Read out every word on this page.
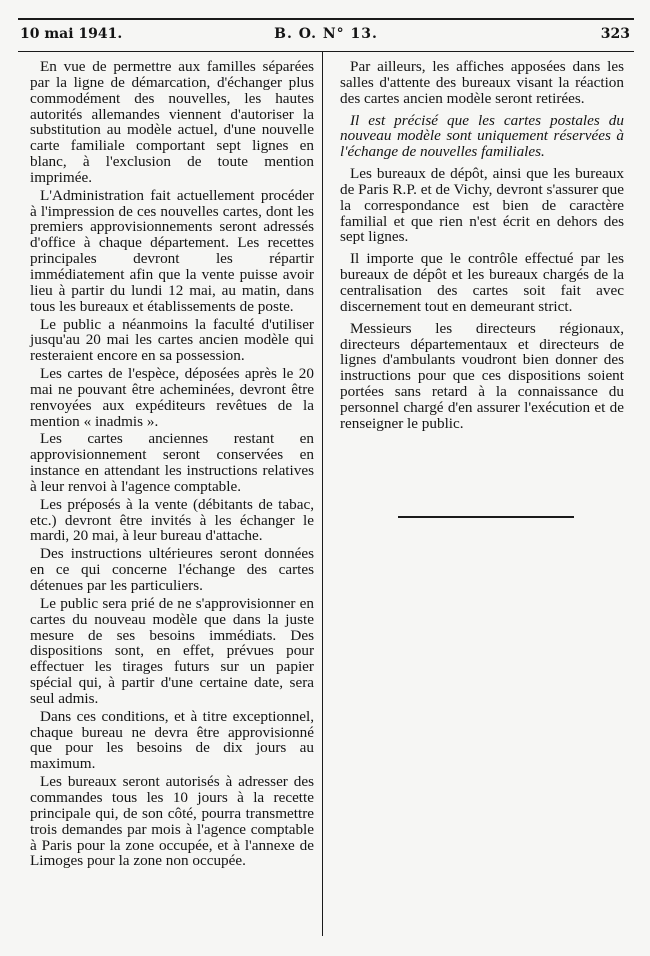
10 mai 1941.	B. O. N° 13.	323

En vue de permettre aux familles séparées par la ligne de démarcation, d'échanger plus commodément des nouvelles, les hautes autorités allemandes viennent d'autoriser la substitution au modèle actuel, d'une nouvelle carte familiale comportant sept lignes en blanc, à l'exclusion de toute mention imprimée.

L'Administration fait actuellement procéder à l'impression de ces nouvelles cartes, dont les premiers approvisionnements seront adressés d'office à chaque département. Les recettes principales devront les répartir immédiatement afin que la vente puisse avoir lieu à partir du lundi 12 mai, au matin, dans tous les bureaux et établissements de poste.

Le public a néanmoins la faculté d'utiliser jusqu'au 20 mai les cartes ancien modèle qui resteraient encore en sa possession.

Les cartes de l'espèce, déposées après le 20 mai ne pouvant être acheminées, devront être renvoyées aux expéditeurs revêtues de la mention « inadmis ».

Les cartes anciennes restant en approvisionnement seront conservées en instance en attendant les instructions relatives à leur renvoi à l'agence comptable.

Les préposés à la vente (débitants de tabac, etc.) devront être invités à les échanger le mardi, 20 mai, à leur bureau d'attache.

Des instructions ultérieures seront données en ce qui concerne l'échange des cartes détenues par les particuliers.

Le public sera prié de ne s'approvisionner en cartes du nouveau modèle que dans la juste mesure de ses besoins immédiats. Des dispositions sont, en effet, prévues pour effectuer les tirages futurs sur un papier spécial qui, à partir d'une certaine date, sera seul admis.

Dans ces conditions, et à titre exceptionnel, chaque bureau ne devra être approvisionné que pour les besoins de dix jours au maximum.

Les bureaux seront autorisés à adresser des commandes tous les 10 jours à la recette principale qui, de son côté, pourra transmettre trois demandes par mois à l'agence comptable à Paris pour la zone occupée, et à l'annexe de Limoges pour la zone non occupée.

Par ailleurs, les affiches apposées dans les salles d'attente des bureaux visant la réaction des cartes ancien modèle seront retirées.

Il est précisé que les cartes postales du nouveau modèle sont uniquement réservées à l'échange de nouvelles familiales.

Les bureaux de dépôt, ainsi que les bureaux de Paris R.P. et de Vichy, devront s'assurer que la correspondance est bien de caractère familial et que rien n'est écrit en dehors des sept lignes.

Il importe que le contrôle effectué par les bureaux de dépôt et les bureaux chargés de la centralisation des cartes soit fait avec discernement tout en demeurant strict.

Messieurs les directeurs régionaux, directeurs départementaux et directeurs de lignes d'ambulants voudront bien donner des instructions pour que ces dispositions soient portées sans retard à la connaissance du personnel chargé d'en assurer l'exécution et de renseigner le public.
